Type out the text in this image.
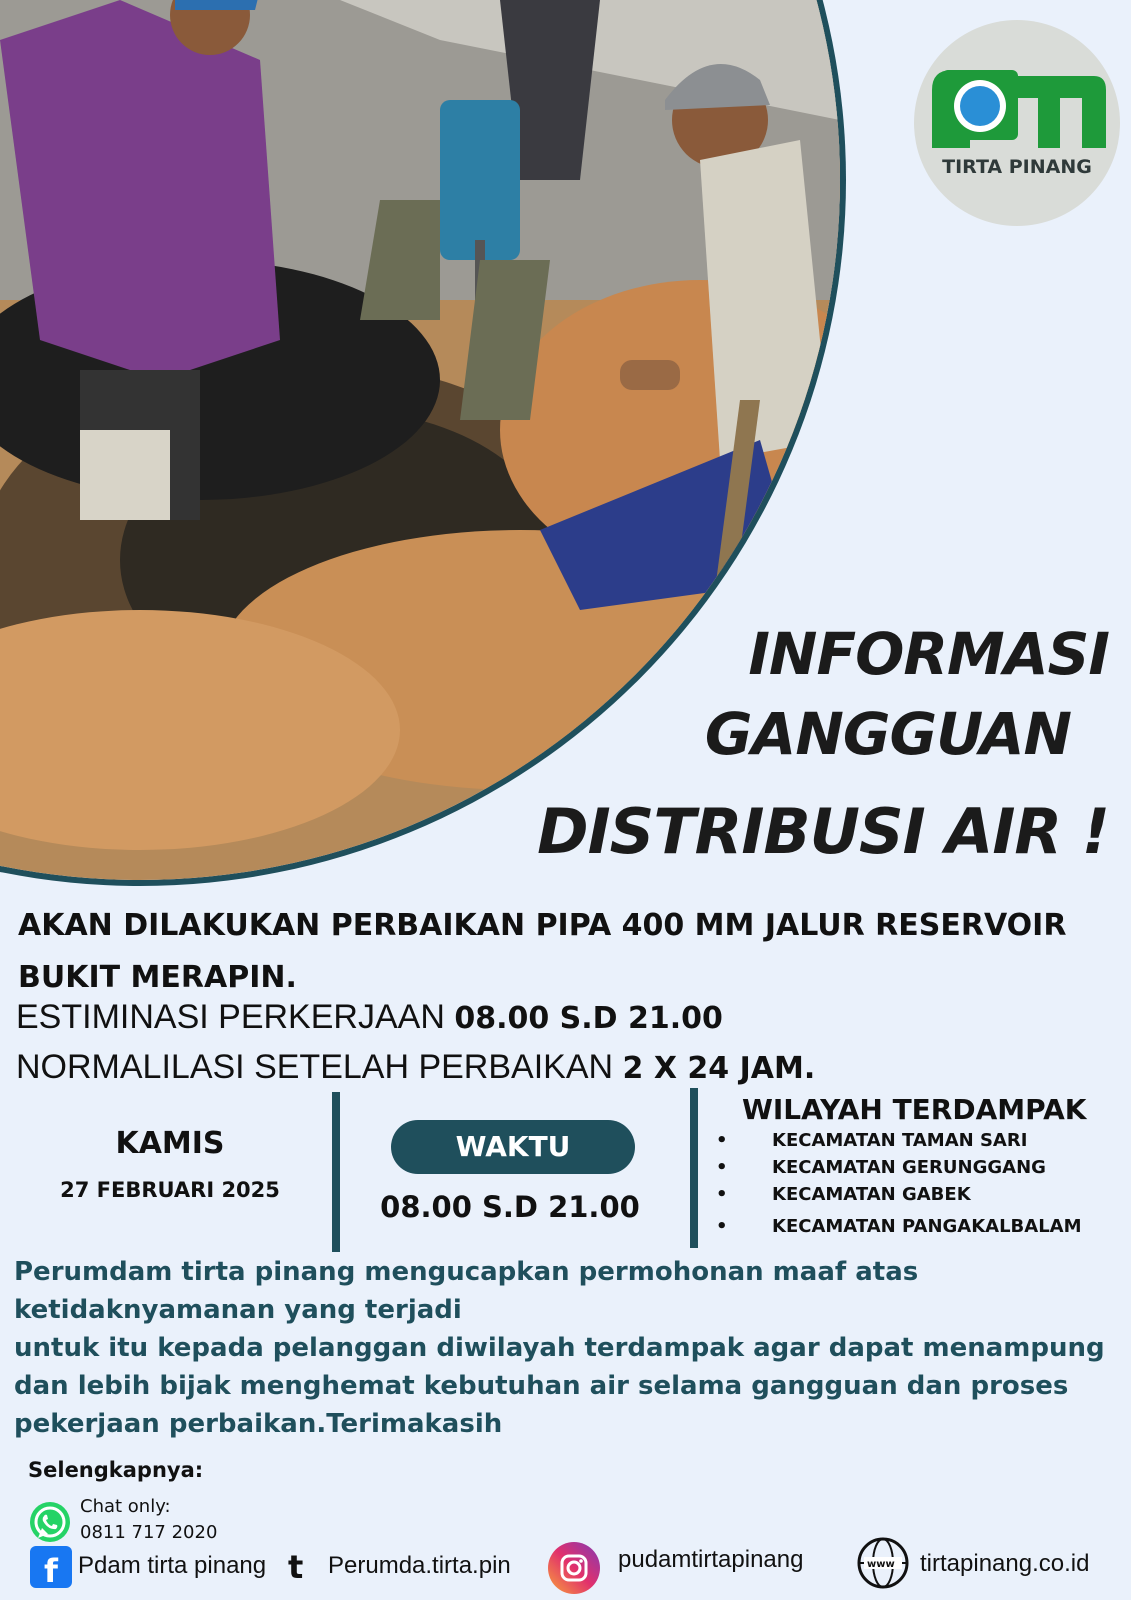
TIRTA PINANG
INFORMASI
GANGGUAN
DISTRIBUSI AIR !
AKAN DILAKUKAN PERBAIKAN PIPA 400 MM JALUR RESERVOIR BUKIT MERAPIN.
ESTIMINASI PERKERJAAN 08.00 S.D 21.00
NORMALILASI SETELAH PERBAIKAN 2 X 24 JAM.
KAMIS
27 FEBRUARI 2025
WAKTU
08.00 S.D 21.00
WILAYAH TERDAMPAK
• KECAMATAN TAMAN SARI
• KECAMATAN GERUNGGANG
• KECAMATAN GABEK
• KECAMATAN PANGAKALBALAM
Perumdam tirta pinang mengucapkan permohonan maaf atas ketidaknyamanan yang terjadi
untuk itu kepada pelanggan diwilayah terdampak agar dapat menampung dan lebih bijak menghemat kebutuhan air selama gangguan dan proses pekerjaan perbaikan.Terimakasih
Selengkapnya:
Chat only:
0811 717 2020
f Pdam tirta pinang t Perumda.tirta.pin	pudamtirtapinang	www tirtapinang.co.id
